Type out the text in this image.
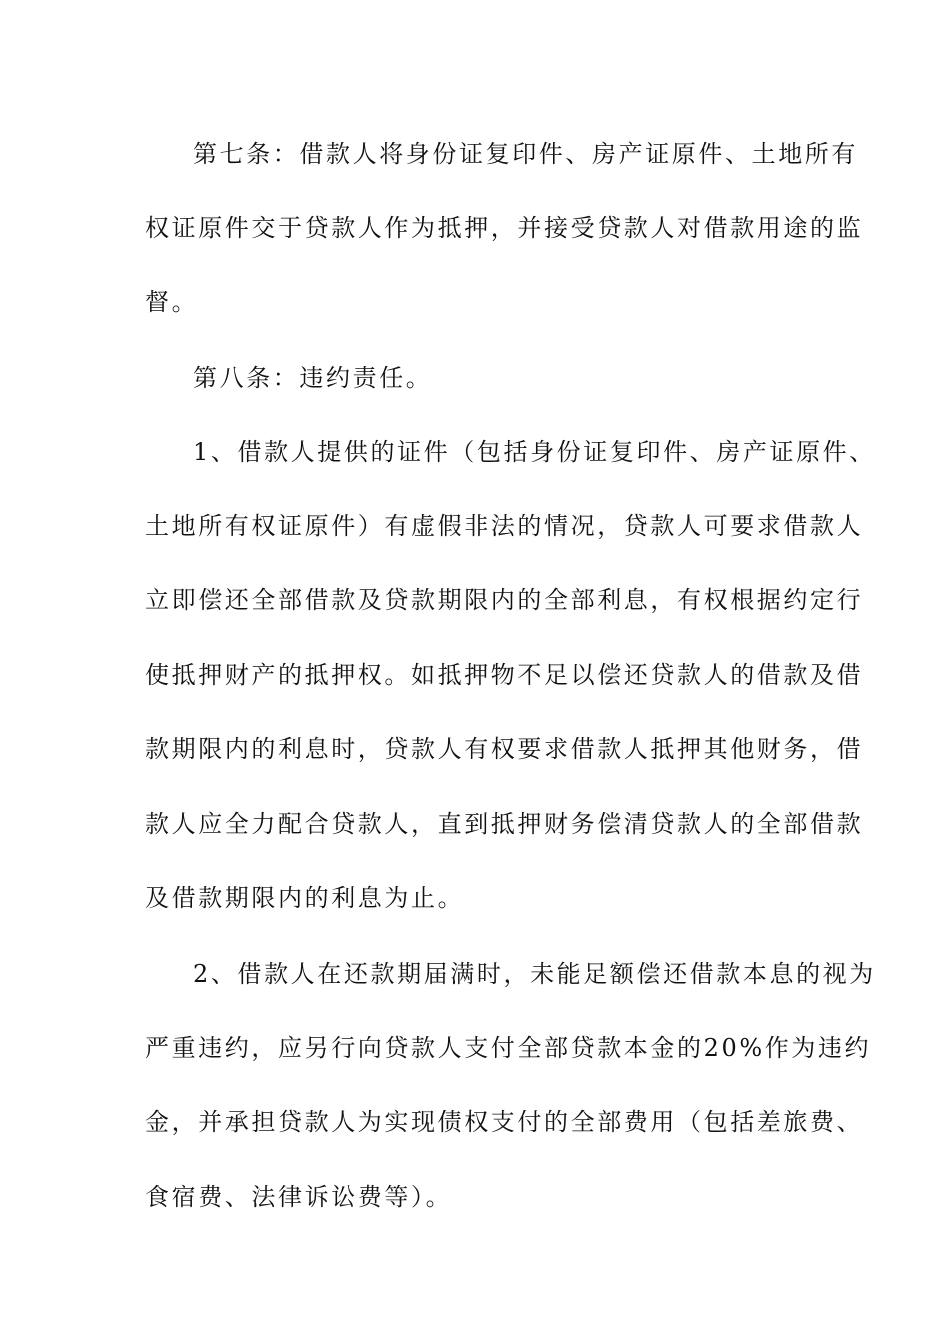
第七条：借款人将身份证复印件、房产证原件、土地所有
权证原件交于贷款人作为抵押，并接受贷款人对借款用途的监
督。
第八条：违约责任。
1、借款人提供的证件（包括身份证复印件、房产证原件、
土地所有权证原件）有虚假非法的情况，贷款人可要求借款人
立即偿还全部借款及贷款期限内的全部利息，有权根据约定行
使抵押财产的抵押权。如抵押物不足以偿还贷款人的借款及借
款期限内的利息时，贷款人有权要求借款人抵押其他财务，借
款人应全力配合贷款人，直到抵押财务偿清贷款人的全部借款
及借款期限内的利息为止。
2、借款人在还款期届满时，未能足额偿还借款本息的视为
严重违约，应另行向贷款人支付全部贷款本金的20%作为违约
金，并承担贷款人为实现债权支付的全部费用（包括差旅费、
食宿费、法律诉讼费等）。
